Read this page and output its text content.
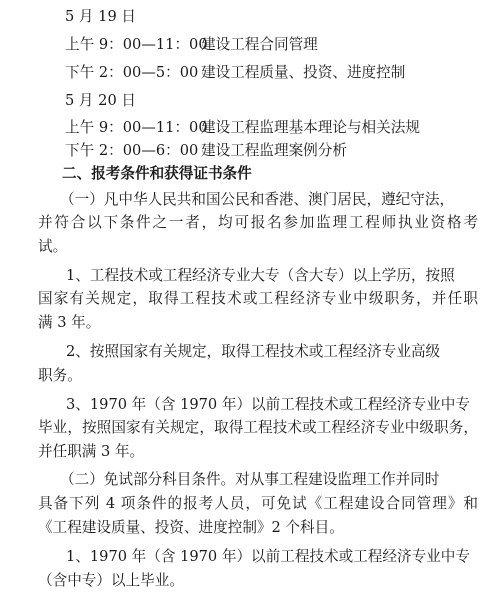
5 月 19 日
上午 9：00—11：00建设工程合同管理
下午 2：00—5：00 建设工程质量、投资、进度控制
5 月 20 日
上午 9：00—11：00建设工程监理基本理论与相关法规
下午 2：00—6：00 建设工程监理案例分析
二、报考条件和获得证书条件
（一）凡中华人民共和国公民和香港、澳门居民，遵纪守法，
并符合以下条件之一者，均可报名参加监理工程师执业资格考
试。
1、工程技术或工程经济专业大专（含大专）以上学历，按照
国家有关规定，取得工程技术或工程经济专业中级职务，并任职
满 3 年。
2、按照国家有关规定，取得工程技术或工程经济专业高级
职务。
3、1970 年（含 1970 年）以前工程技术或工程经济专业中专
毕业，按照国家有关规定，取得工程技术或工程经济专业中级职务，
并任职满 3 年。
（二）免试部分科目条件。对从事工程建设监理工作并同时
具备下列 4 项条件的报考人员，可免试《工程建设合同管理》和
《工程建设质量、投资、进度控制》2 个科目。
1、1970 年（含 1970 年）以前工程技术或工程经济专业中专
（含中专）以上毕业。
